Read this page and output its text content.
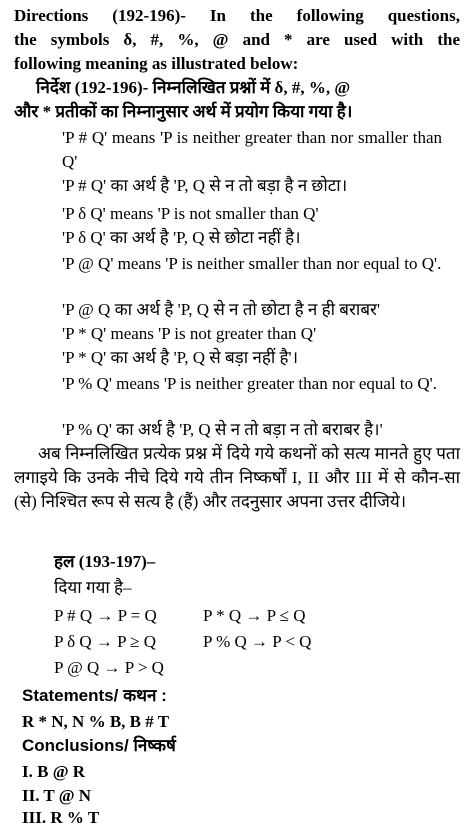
Directions (192-196)- In the following questions,
the symbols δ, #, %, @ and * are used with the
following meaning as illustrated below:
निर्देश (192-196)- निम्नलिखित प्रश्नों में δ, #, %, @
और * प्रतीकों का निम्नानुसार अर्थ में प्रयोग किया गया है।
'P # Q' means 'P is neither greater than nor smaller than Q'
'P # Q' का अर्थ है 'P, Q से न तो बड़ा है न छोटा।
'P δ Q' means 'P is not smaller than Q'
'P δ Q' का अर्थ है 'P, Q से छोटा नहीं है।
'P @ Q' means 'P is neither smaller than nor equal to Q'.
'P @ Q का अर्थ है 'P, Q से न तो छोटा है न ही बराबर'
'P * Q' means 'P is not greater than Q'
'P * Q' का अर्थ है 'P, Q से बड़ा नहीं है'।
'P % Q' means 'P is neither greater than nor equal to Q'.
'P % Q' का अर्थ है 'P, Q से न तो बड़ा न तो बराबर है।'
अब निम्नलिखित प्रत्येक प्रश्न में दिये गये कथनों को सत्य मानते हुए पता लगाइये कि उनके नीचे दिये गये तीन निष्कर्षों I, II और III में से कौन-सा (से) निश्चित रूप से सत्य है (हैं) और तदनुसार अपना उत्तर दीजिये।
हल (193-197)–
दिया गया है–
P # Q → P = Q	P * Q → P ≤ Q
P δ Q → P ≥ Q	P % Q → P < Q
P @ Q → P > Q
Statements/ कथन :
R * N, N % B, B # T
Conclusions/ निष्कर्ष
I. B @ R
II. T @ N
III. R % T
